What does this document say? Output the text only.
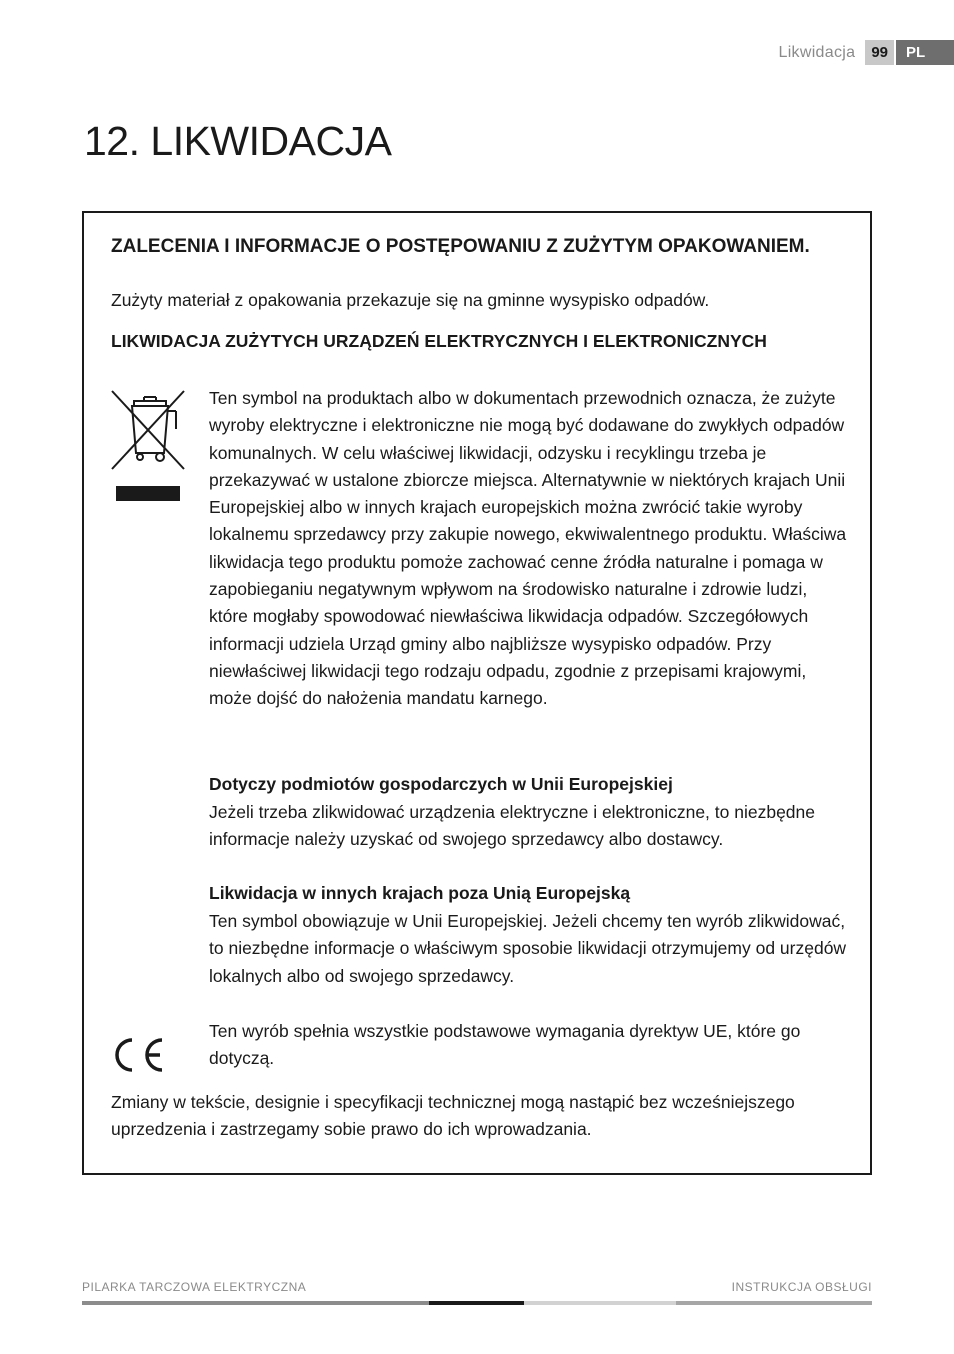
Likwidacja	99	PL
12. LIKWIDACJA
ZALECENIA I INFORMACJE O POSTĘPOWANIU Z ZUŻYTYM OPAKOWANIEM.

Zużyty materiał z opakowania przekazuje się na gminne wysypisko odpadów.

LIKWIDACJA ZUŻYTYCH URZĄDZEŃ ELEKTRYCZNYCH I ELEKTRONICZNYCH

Ten symbol na produktach albo w dokumentach przewodnich oznacza, że zużyte wyroby elektryczne i elektroniczne nie mogą być dodawane do zwykłych odpadów komunalnych. W celu właściwej likwidacji, odzysku i recyklingu trzeba je przekazywać w ustalone zbiorcze miejsca. Alternatywnie w niektórych krajach Unii Europejskiej albo w innych krajach europejskich można zwrócić takie wyroby lokalnemu sprzedawcy przy zakupie nowego, ekwiwalentnego produktu. Właściwa likwidacja tego produktu pomoże zachować cenne źródła naturalne i pomaga w zapobieganiu negatywnym wpływom na środowisko naturalne i zdrowie ludzi, które mogłaby spowodować niewłaściwa likwidacja odpadów. Szczegółowych informacji udziela Urząd gminy albo najbliższe wysypisko odpadów. Przy niewłaściwej likwidacji tego rodzaju odpadu, zgodnie z przepisami krajowymi, może dojść do nałożenia mandatu karnego.

Dotyczy podmiotów gospodarczych w Unii Europejskiej

Jeżeli trzeba zlikwidować urządzenia elektryczne i elektroniczne, to niezbędne informacje należy uzyskać od swojego sprzedawcy albo dostawcy.

Likwidacja w innych krajach poza Unią Europejską

Ten symbol obowiązuje w Unii Europejskiej. Jeżeli chcemy ten wyrób zlikwidować, to niezbędne informacje o właściwym sposobie likwidacji otrzymujemy od urzędów lokalnych albo od swojego sprzedawcy.

Ten wyrób spełnia wszystkie podstawowe wymagania dyrektyw UE, które go dotyczą.

Zmiany w tekście, designie i specyfikacji technicznej mogą nastąpić bez wcześniejszego uprzedzenia i zastrzegamy sobie prawo do ich wprowadzania.

PILARKA TARCZOWA ELEKTRYCZNA	INSTRUKCJA OBSŁUGI
